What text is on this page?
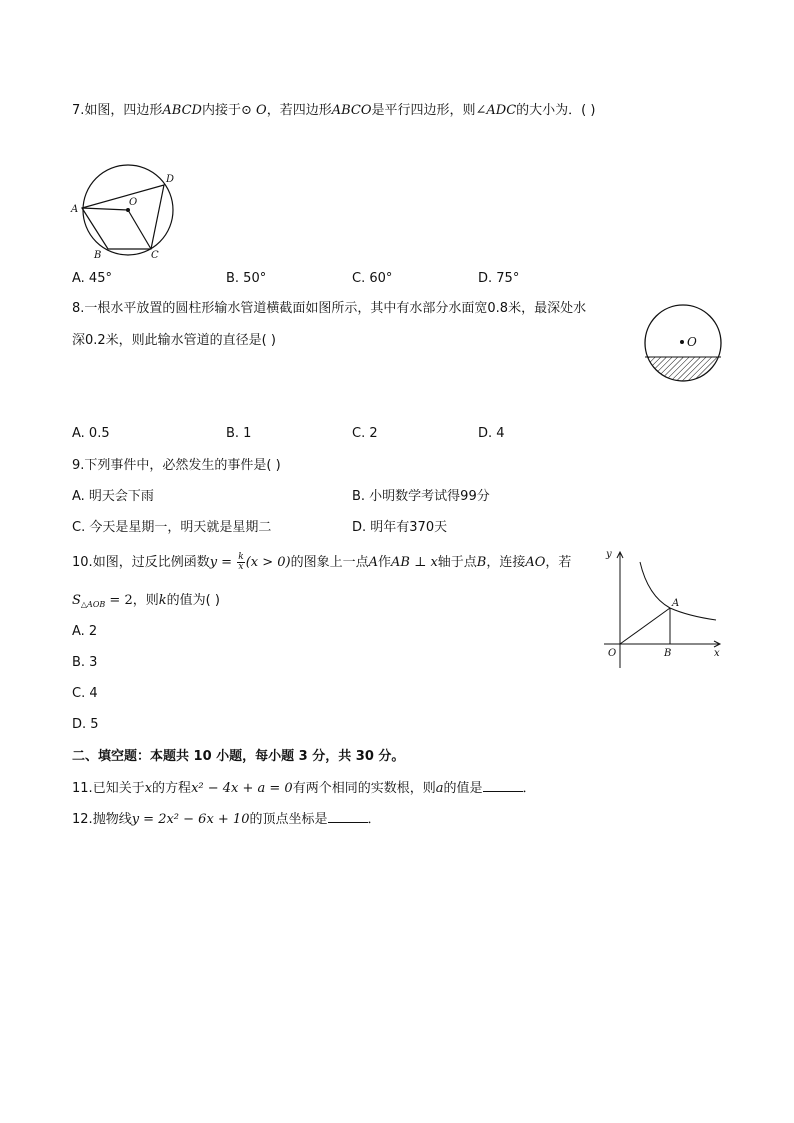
7.如图，四边形ABCD内接于⊙ O，若四边形ABCO是平行四边形，则∠ADC的大小为．( )
A
B	C
D
O
A. 45°	B. 50°	C. 60°	D. 75°
8.一根水平放置的圆柱形输水管道横截面如图所示，其中有水部分水面宽0.8米，最深处水
深0.2米，则此输水管道的直径是( )	O
A. 0.5	B. 1	C. 2	D. 4
9.下列事件中，必然发生的事件是( )
A. 明天会下雨	B. 小明数学考试得99分
C. 今天是星期一，明天就是星期二	D. 明年有370天
10.如图，过反比例函数$y = \frac{k}{x} (x > 0)$的图象上一点A作AB ⊥ x轴于点B，连接AO，若
$S_{\triangle AOB} = 2$，则k的值为( )
y
x
O
A
B
A. 2
B. 3
C. 4
D. 5
二、填空题：本题共 10 小题，每小题 3 分，共 30 分。
11.已知关于x的方程x² − 4x + a = 0有两个相同的实数根，则a的值是	．
12.抛物线y = 2x² − 6x + 10的顶点坐标是	．
